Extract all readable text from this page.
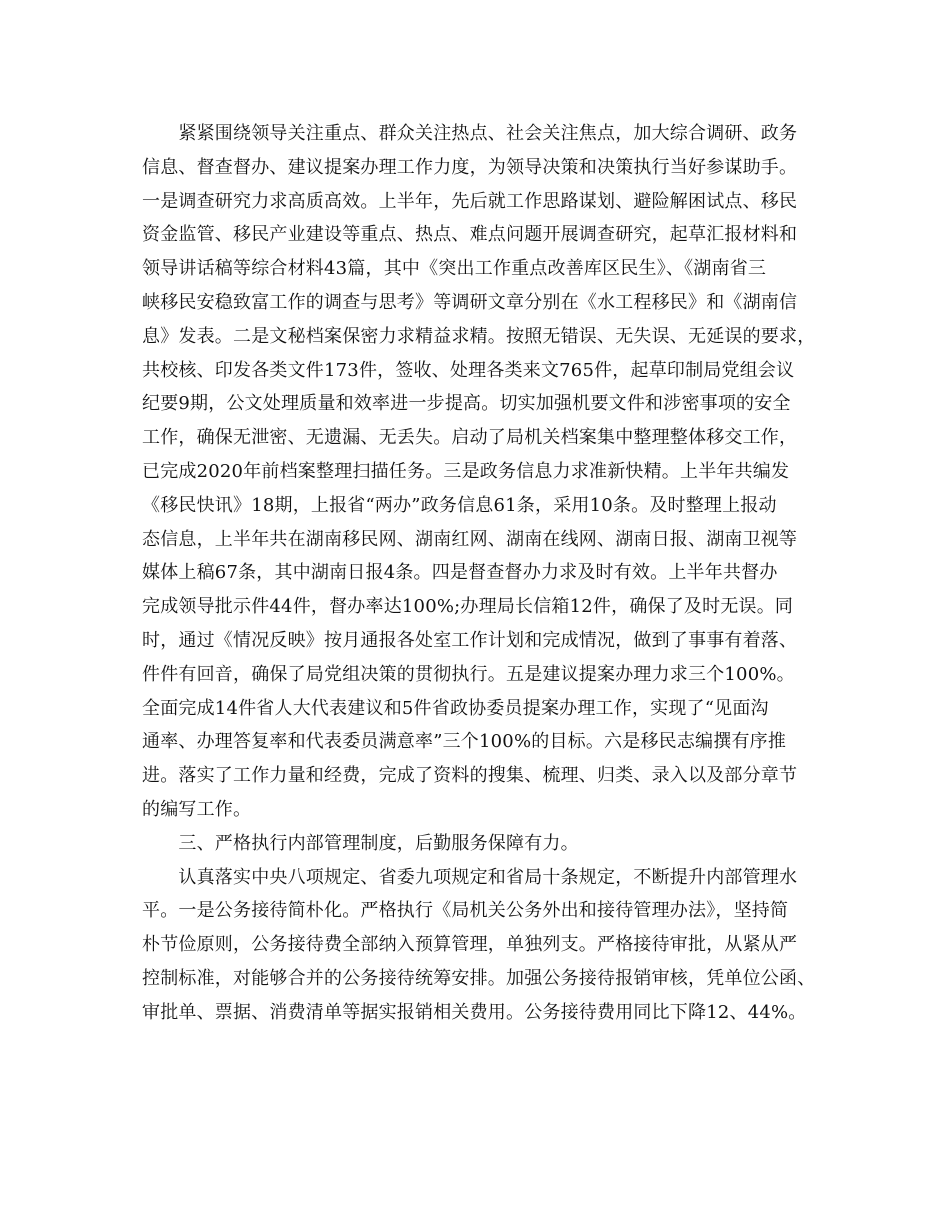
　　紧紧围绕领导关注重点、群众关注热点、社会关注焦点，加大综合调研、政务
信息、督查督办、建议提案办理工作力度，为领导决策和决策执行当好参谋助手。
一是调查研究力求高质高效。上半年，先后就工作思路谋划、避险解困试点、移民
资金监管、移民产业建设等重点、热点、难点问题开展调查研究，起草汇报材料和
领导讲话稿等综合材料43篇，其中《突出工作重点改善库区民生》、《湖南省三
峡移民安稳致富工作的调查与思考》等调研文章分别在《水工程移民》和《湖南信
息》发表。二是文秘档案保密力求精益求精。按照无错误、无失误、无延误的要求，
共校核、印发各类文件173件，签收、处理各类来文765件，起草印制局党组会议
纪要9期，公文处理质量和效率进一步提高。切实加强机要文件和涉密事项的安全
工作，确保无泄密、无遗漏、无丢失。启动了局机关档案集中整理整体移交工作，
已完成2020年前档案整理扫描任务。三是政务信息力求准新快精。上半年共编发
《移民快讯》18期，上报省“两办”政务信息61条，采用10条。及时整理上报动
态信息，上半年共在湖南移民网、湖南红网、湖南在线网、湖南日报、湖南卫视等
媒体上稿67条，其中湖南日报4条。四是督查督办力求及时有效。上半年共督办
完成领导批示件44件，督办率达100%;办理局长信箱12件，确保了及时无误。同
时，通过《情况反映》按月通报各处室工作计划和完成情况，做到了事事有着落、
件件有回音，确保了局党组决策的贯彻执行。五是建议提案办理力求三个100%。
全面完成14件省人大代表建议和5件省政协委员提案办理工作，实现了“见面沟
通率、办理答复率和代表委员满意率”三个100%的目标。六是移民志编撰有序推
进。落实了工作力量和经费，完成了资料的搜集、梳理、归类、录入以及部分章节
的编写工作。
　　三、严格执行内部管理制度，后勤服务保障有力。
　　认真落实中央八项规定、省委九项规定和省局十条规定，不断提升内部管理水
平。一是公务接待简朴化。严格执行《局机关公务外出和接待管理办法》，坚持简
朴节俭原则，公务接待费全部纳入预算管理，单独列支。严格接待审批，从紧从严
控制标准，对能够合并的公务接待统筹安排。加强公务接待报销审核，凭单位公函、
审批单、票据、消费清单等据实报销相关费用。公务接待费用同比下降12、44%。
